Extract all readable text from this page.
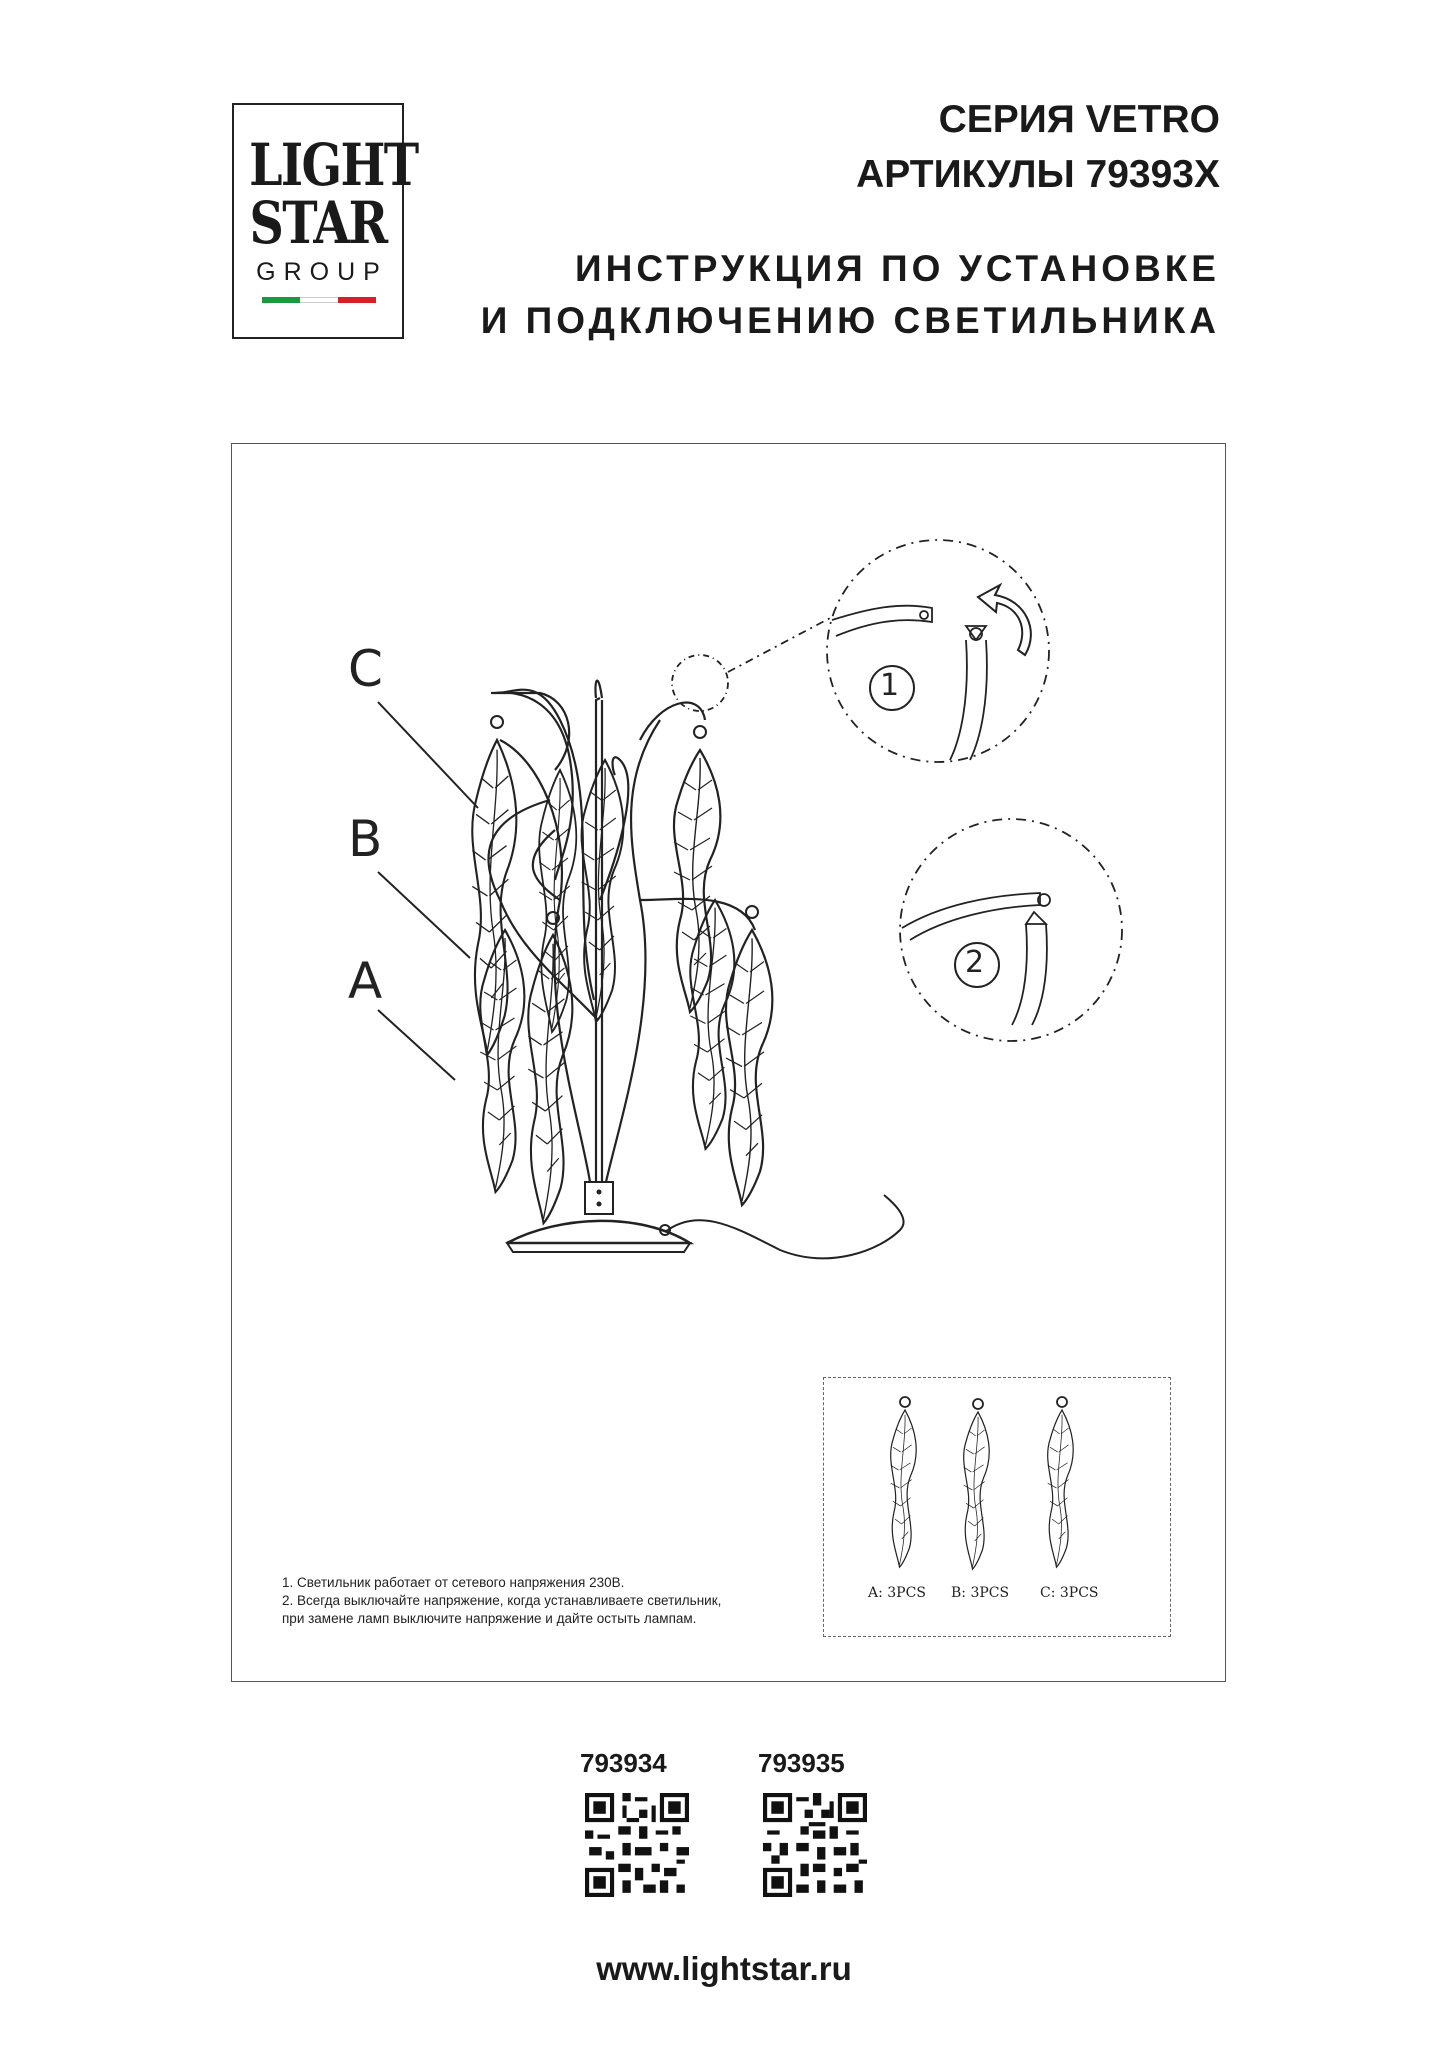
LIGHT
STAR
GROUP
СЕРИЯ VETRO
АРТИКУЛЫ 79393X
ИНСТРУКЦИЯ ПО УСТАНОВКЕ
И ПОДКЛЮЧЕНИЮ СВЕТИЛЬНИКА
1
2
C
B
A
1. Светильник работает от сетевого напряжения 230В.
2. Всегда выключайте напряжение, когда устанавливаете светильник,
при замене ламп выключите напряжение и дайте остыть лампам.
A: 3PCS B: 3PCS C: 3PCS
793934	793935
www.lightstar.ru
